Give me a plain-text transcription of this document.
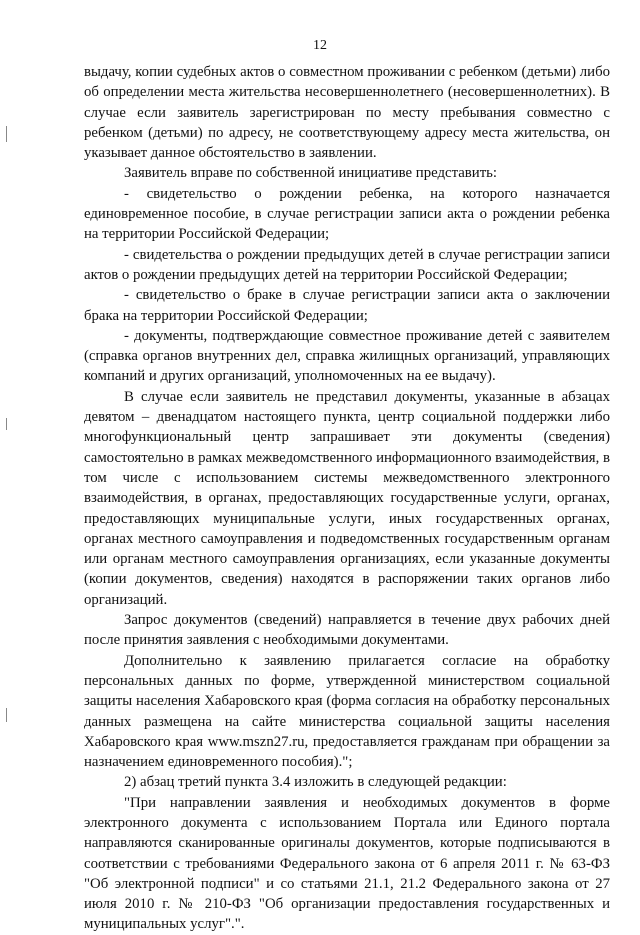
12

выдачу, копии судебных актов о совместном проживании с ребенком (детьми) либо об определении места жительства несовершеннолетнего (несовершеннолетних). В случае если заявитель зарегистрирован по месту пребывания совместно с ребенком (детьми) по адресу, не соответствующему адресу места жительства, он указывает данное обстоятельство в заявлении.

Заявитель вправе по собственной инициативе представить:

- свидетельство о рождении ребенка, на которого назначается единовременное пособие, в случае регистрации записи акта о рождении ребенка на территории Российской Федерации;

- свидетельства о рождении предыдущих детей в случае регистрации записи актов о рождении предыдущих детей на территории Российской Федерации;

- свидетельство о браке в случае регистрации записи акта о заключении брака на территории Российской Федерации;

- документы, подтверждающие совместное проживание детей с заявителем (справка органов внутренних дел, справка жилищных организаций, управляющих компаний и других организаций, уполномоченных на ее выдачу).

В случае если заявитель не представил документы, указанные в абзацах девятом – двенадцатом настоящего пункта, центр социальной поддержки либо многофункциональный центр запрашивает эти документы (сведения) самостоятельно в рамках межведомственного информационного взаимодействия, в том числе с использованием системы межведомственного электронного взаимодействия, в органах, предоставляющих государственные услуги, органах, предоставляющих муниципальные услуги, иных государственных органах, органах местного самоуправления и подведомственных государственным органам или органам местного самоуправления организациях, если указанные документы (копии документов, сведения) находятся в распоряжении таких органов либо организаций.

Запрос документов (сведений) направляется в течение двух рабочих дней после принятия заявления с необходимыми документами.

Дополнительно к заявлению прилагается согласие на обработку персональных данных по форме, утвержденной министерством социальной защиты населения Хабаровского края (форма согласия на обработку персональных данных размещена на сайте министерства социальной защиты населения Хабаровского края www.mszn27.ru, предоставляется гражданам при обращении за назначением единовременного пособия).";

2) абзац третий пункта 3.4 изложить в следующей редакции:

"При направлении заявления и необходимых документов в форме электронного документа с использованием Портала или Единого портала направляются сканированные оригиналы документов, которые подписываются в соответствии с требованиями Федерального закона от 6 апреля 2011 г. № 63-ФЗ "Об электронной подписи" и со статьями 21.1, 21.2 Федерального закона от 27 июля 2010 г. № 210-ФЗ "Об организации предоставления государственных и муниципальных услуг".".
